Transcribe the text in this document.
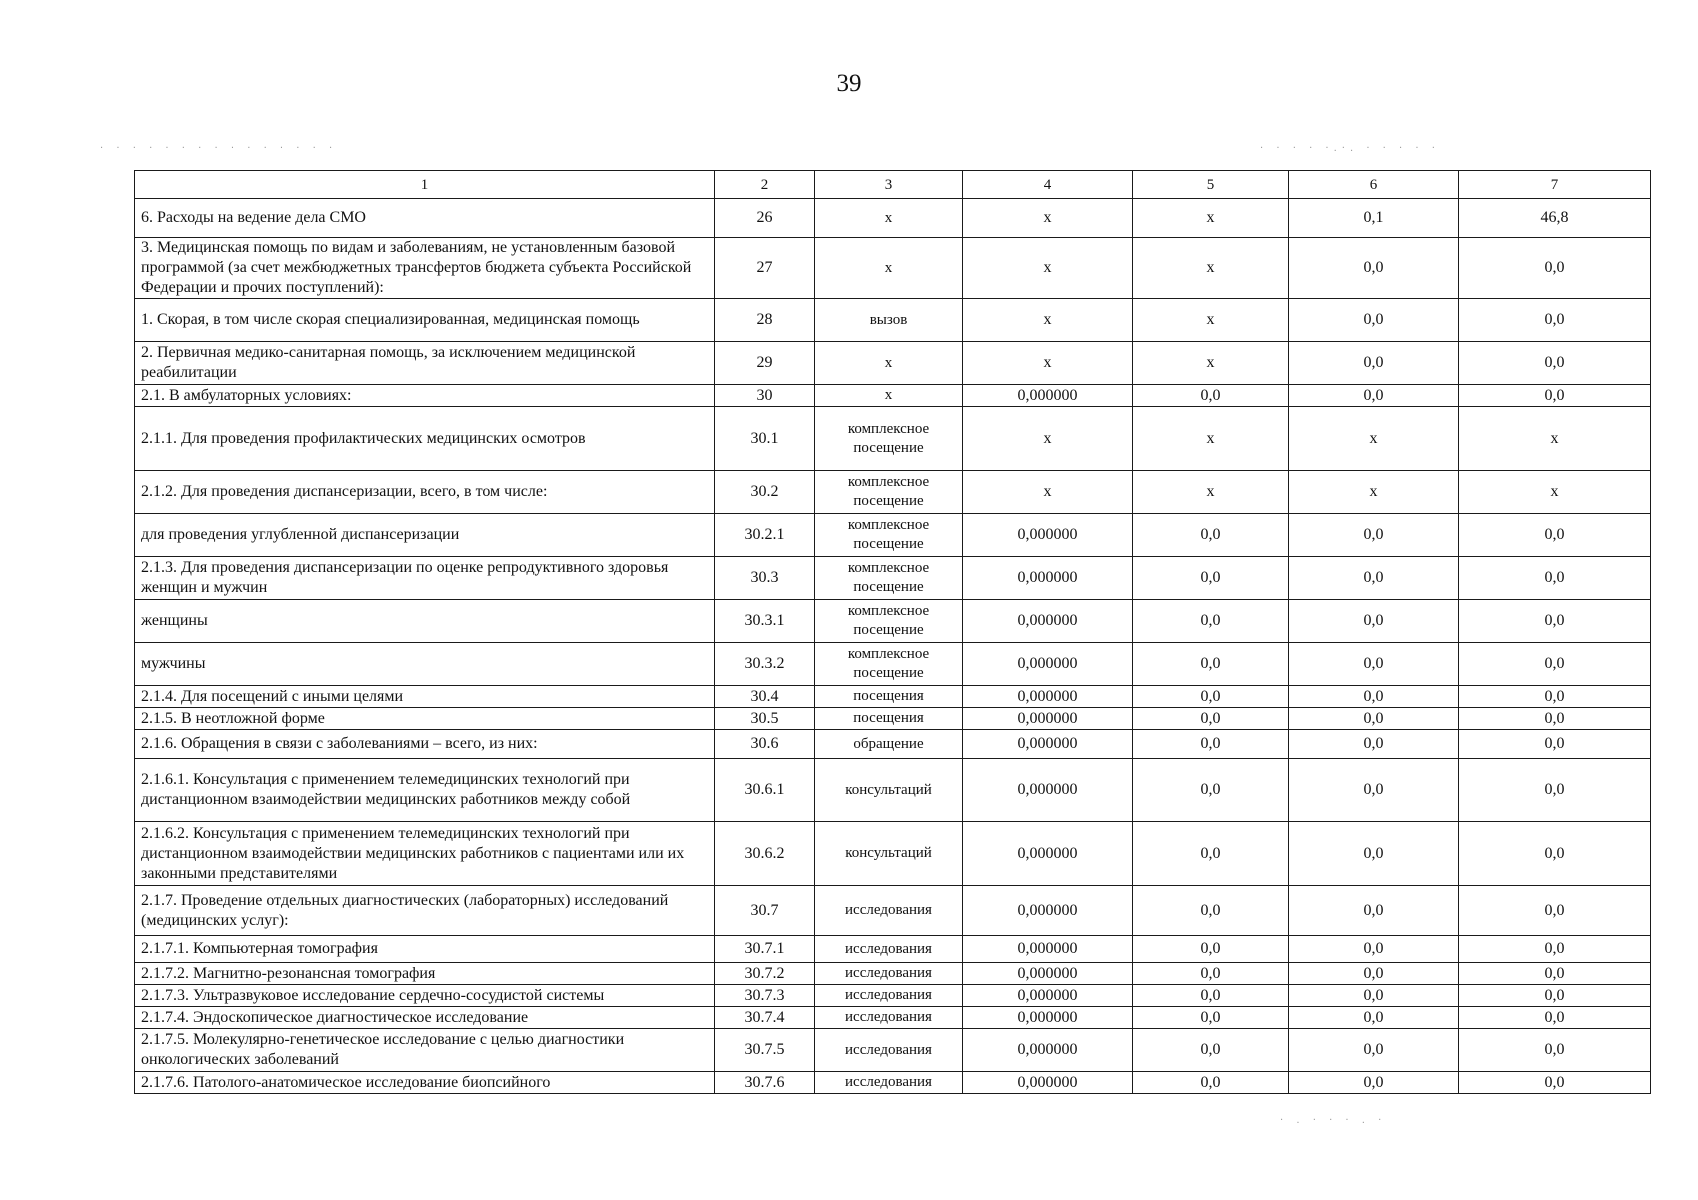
39
· · · · · · · · · · · · · · ·	· · · · ·.·. · · · · ·
· . · · · . ·
1	2	3	4	5	6	7
6. Расходы на ведение дела СМО	26	x	x	x	0,1	46,8
3. Медицинская помощь по видам и заболеваниям, не установленным базовой программой (за счет межбюджетных трансфертов бюджета субъекта Российской Федерации и прочих поступлений):	27	x	x	x	0,0	0,0
1. Скорая, в том числе скорая специализированная, медицинская помощь	28	вызов	x	x	0,0	0,0
2. Первичная медико-санитарная помощь, за исключением медицинской реабилитации	29	x	x	x	0,0	0,0
2.1. В амбулаторных условиях:	30	x	0,000000	0,0	0,0	0,0
2.1.1. Для проведения профилактических медицинских осмотров	30.1	комплексное посещение	x	x	x	x
2.1.2. Для проведения диспансеризации, всего, в том числе:	30.2	комплексное посещение	x	x	x	x
для проведения углубленной диспансеризации	30.2.1	комплексное посещение	0,000000	0,0	0,0	0,0
2.1.3. Для проведения диспансеризации по оценке репродуктивного здоровья женщин и мужчин	30.3	комплексное посещение	0,000000	0,0	0,0	0,0
женщины	30.3.1	комплексное посещение	0,000000	0,0	0,0	0,0
мужчины	30.3.2	комплексное посещение	0,000000	0,0	0,0	0,0
2.1.4. Для посещений с иными целями	30.4	посещения	0,000000	0,0	0,0	0,0
2.1.5. В неотложной форме	30.5	посещения	0,000000	0,0	0,0	0,0
2.1.6. Обращения в связи с заболеваниями – всего, из них:	30.6	обращение	0,000000	0,0	0,0	0,0
2.1.6.1. Консультация с применением телемедицинских технологий при дистанционном взаимодействии медицинских работников между собой	30.6.1	консультаций	0,000000	0,0	0,0	0,0
2.1.6.2. Консультация с применением телемедицинских технологий при дистанционном взаимодействии медицинских работников с пациентами или их законными представителями	30.6.2	консультаций	0,000000	0,0	0,0	0,0
2.1.7. Проведение отдельных диагностических (лабораторных) исследований (медицинских услуг):	30.7	исследования	0,000000	0,0	0,0	0,0
2.1.7.1. Компьютерная томография	30.7.1	исследования	0,000000	0,0	0,0	0,0
2.1.7.2. Магнитно-резонансная томография	30.7.2	исследования	0,000000	0,0	0,0	0,0
2.1.7.3. Ультразвуковое исследование сердечно-сосудистой системы	30.7.3	исследования	0,000000	0,0	0,0	0,0
2.1.7.4. Эндоскопическое диагностическое исследование	30.7.4	исследования	0,000000	0,0	0,0	0,0
2.1.7.5. Молекулярно-генетическое исследование с целью диагностики онкологических заболеваний	30.7.5	исследования	0,000000	0,0	0,0	0,0
2.1.7.6. Патолого-анатомическое исследование биопсийного	30.7.6	исследования	0,000000	0,0	0,0	0,0
